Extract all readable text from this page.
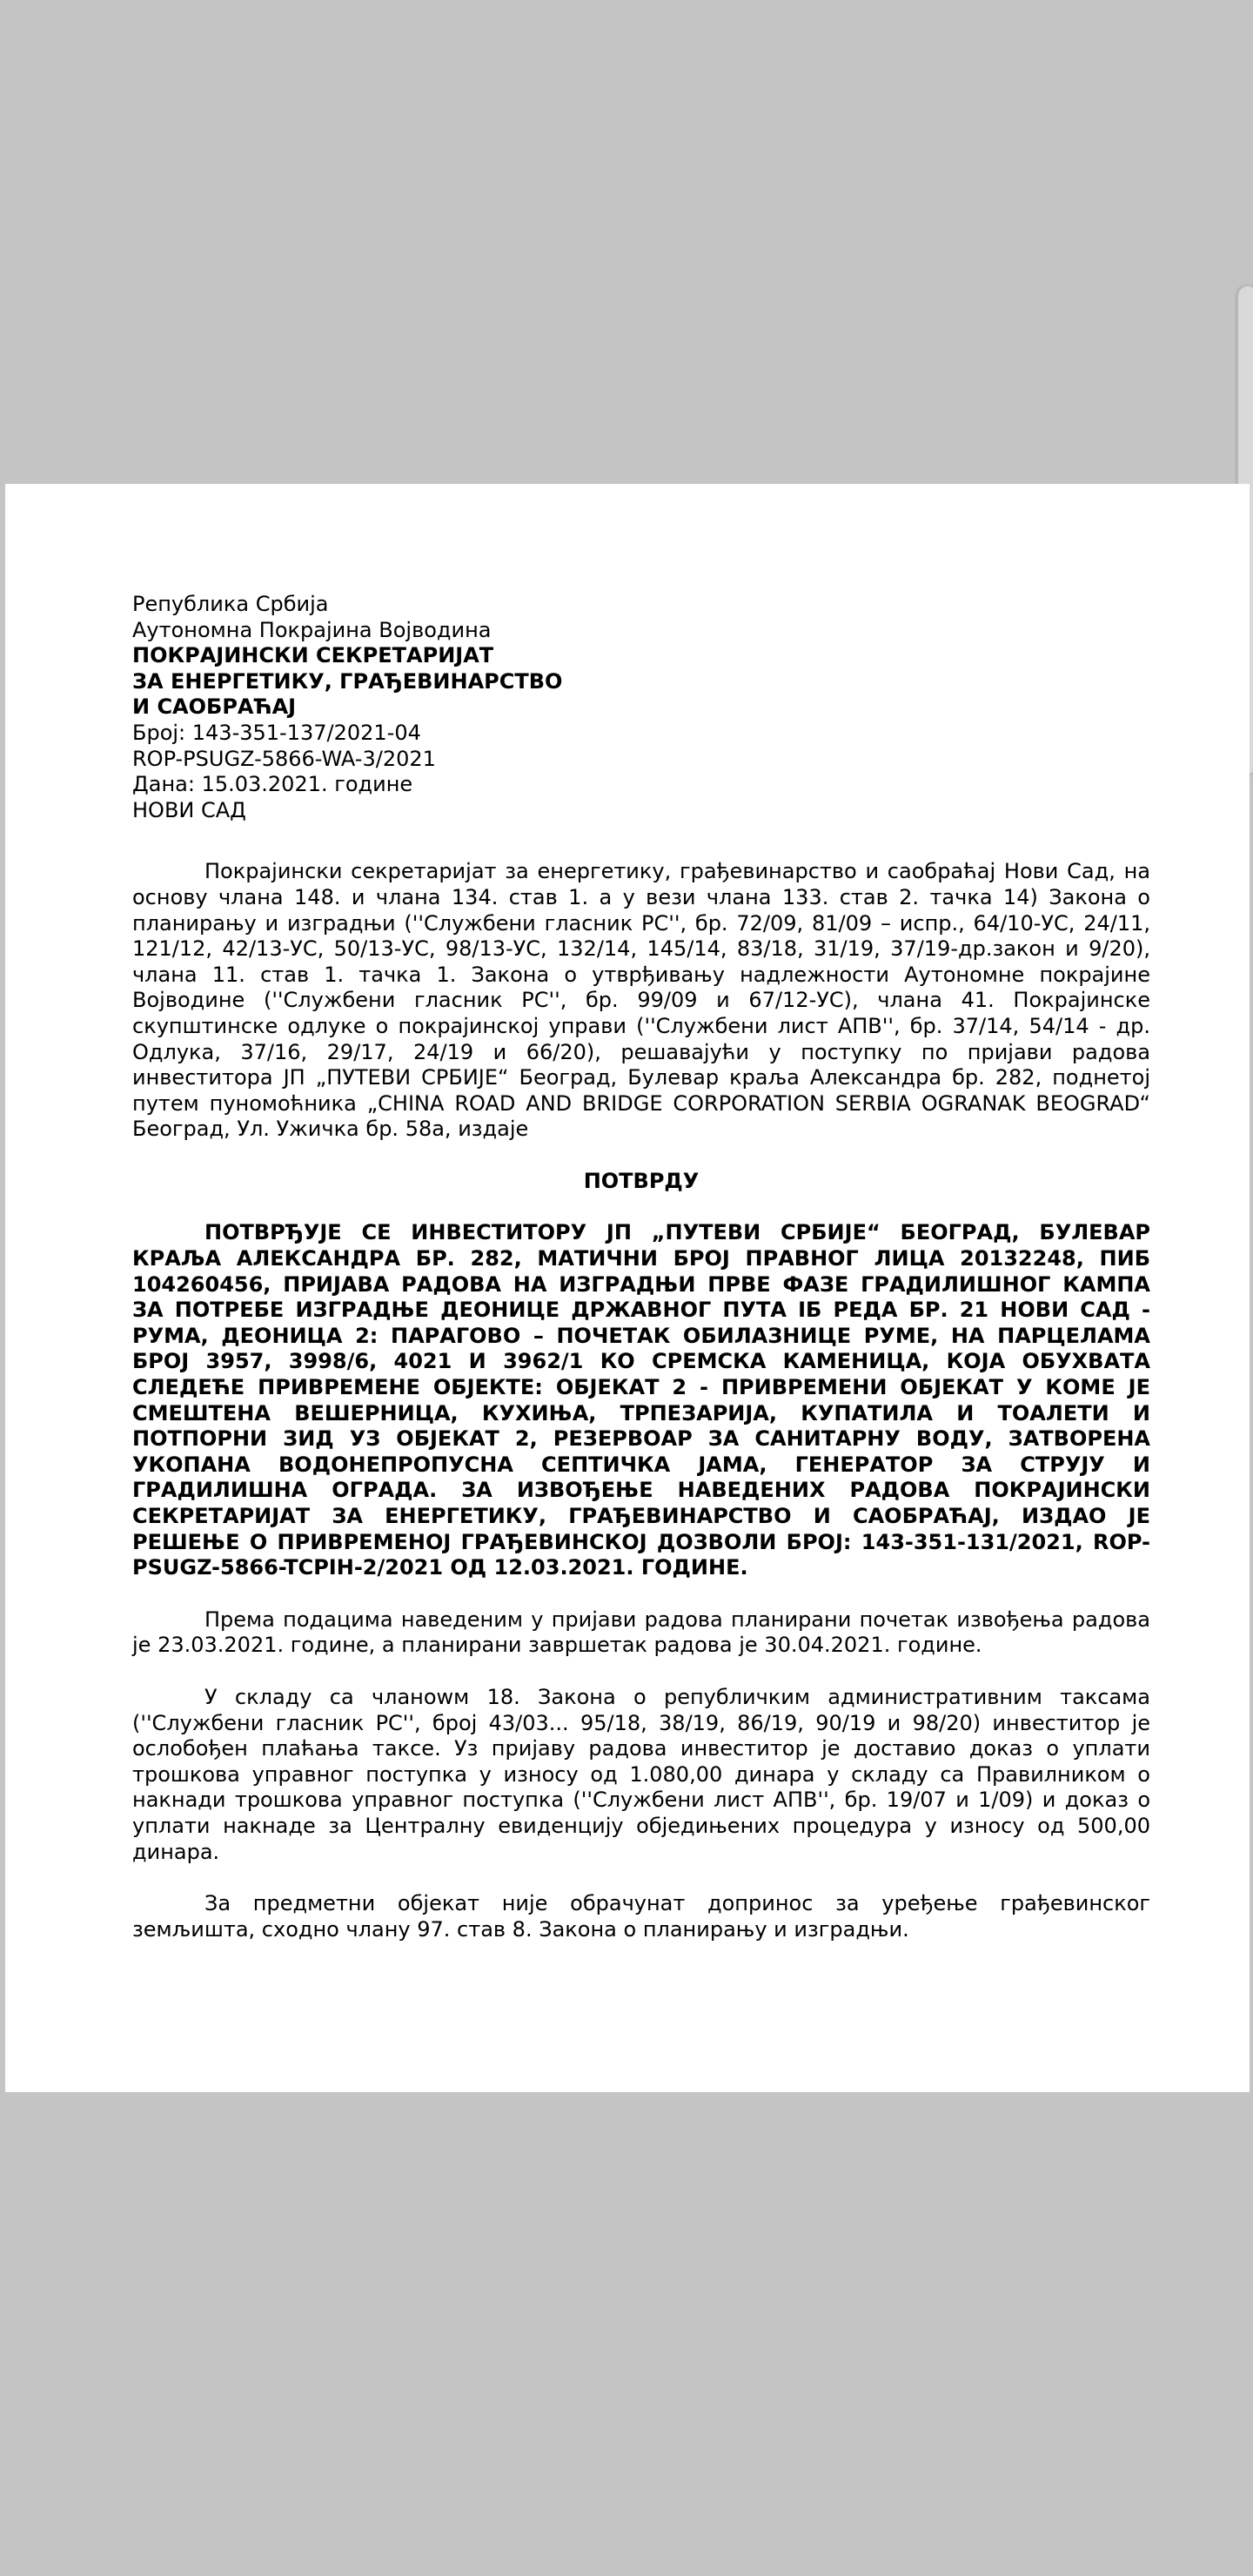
Република Србија
Аутономна Покрајина Војводина
ПОКРАЈИНСКИ СЕКРЕТАРИЈАТ
ЗА ЕНЕРГЕТИКУ, ГРАЂЕВИНАРСТВО
И САОБРАЋАЈ
Број: 143-351-137/2021-04
ROP-PSUGZ-5866-WA-3/2021
Дана: 15.03.2021. године
НОВИ САД

Покрајински секретаријат за енергетику, грађевинарство и саобраћај Нови Сад, на основу члана 148. и члана 134. став 1. а у вези члана 133. став 2. тачка 14) Закона о планирању и изградњи (''Службени гласник РС'', бр. 72/09, 81/09 – испр., 64/10-УС, 24/11, 121/12, 42/13-УС, 50/13-УС, 98/13-УС, 132/14, 145/14, 83/18, 31/19, 37/19-др.закон и 9/20), члана 11. став 1. тачка 1. Закона о утврђивању надлежности Аутономне покрајине Војводине (''Службени гласник РС'', бр. 99/09 и 67/12-УС), члана 41. Покрајинске скупштинске одлуке о покрајинској управи (''Службени лист АПВ'', бр. 37/14, 54/14 - др. Одлука, 37/16, 29/17, 24/19 и 66/20), решавајући у поступку по пријави радова инвеститора ЈП „ПУТЕВИ СРБИЈЕ“ Београд, Булевар краља Александра бр. 282, поднетој путем пуномоћника „CHINA ROAD AND BRIDGE CORPORATION SERBIA OGRANAK BEOGRAD“ Београд, Ул. Ужичка бр. 58а, издаје

ПОТВРДУ

ПОТВРЂУЈЕ СЕ ИНВЕСТИТОРУ ЈП „ПУТЕВИ СРБИЈЕ“ БЕОГРАД, БУЛЕВАР КРАЉА АЛЕКСАНДРА БР. 282, МАТИЧНИ БРОЈ ПРАВНОГ ЛИЦА 20132248, ПИБ 104260456, ПРИЈАВА РАДОВА НА ИЗГРАДЊИ ПРВЕ ФАЗЕ ГРАДИЛИШНОГ КАМПА ЗА ПОТРЕБЕ ИЗГРАДЊЕ ДЕОНИЦЕ ДРЖАВНОГ ПУТА IБ РЕДА БР. 21 НОВИ САД - РУМА, ДЕОНИЦА 2: ПАРАГОВО – ПОЧЕТАК ОБИЛАЗНИЦЕ РУМЕ, НА ПАРЦЕЛАМА БРОЈ 3957, 3998/6, 4021 И 3962/1 КО СРЕМСКА КАМЕНИЦА, КОЈА ОБУХВАТА СЛЕДЕЋЕ ПРИВРЕМЕНЕ ОБЈЕКТЕ: ОБЈЕКАТ 2 - ПРИВРЕМЕНИ ОБЈЕКАТ У КОМЕ ЈЕ СМЕШТЕНА ВЕШЕРНИЦА, КУХИЊА, ТРПЕЗАРИЈА, КУПАТИЛА И ТОАЛЕТИ И ПОТПОРНИ ЗИД УЗ ОБЈЕКАТ 2, РЕЗЕРВОАР ЗА САНИТАРНУ ВОДУ, ЗАТВОРЕНА УКОПАНА ВОДОНЕПРОПУСНА СЕПТИЧКА ЈАМА, ГЕНЕРАТОР ЗА СТРУЈУ И ГРАДИЛИШНА ОГРАДА. ЗА ИЗВОЂЕЊЕ НАВЕДЕНИХ РАДОВА ПОКРАЈИНСКИ СЕКРЕТАРИЈАТ ЗА ЕНЕРГЕТИКУ, ГРАЂЕВИНАРСТВО И САОБРАЋАЈ, ИЗДАО ЈЕ РЕШЕЊЕ О ПРИВРЕМЕНОЈ ГРАЂЕВИНСКОЈ ДОЗВОЛИ БРОЈ: 143-351-131/2021, ROP-PSUGZ-5866-TCPIH-2/2021 ОД 12.03.2021. ГОДИНЕ.

Према подацима наведеним у пријави радова планирани почетак извођења радова је 23.03.2021. године, а планирани завршетак радова је 30.04.2021. године.

У складу са чланowм 18. Закона о републичким административним таксама (''Службени гласник РС'', број 43/03... 95/18, 38/19, 86/19, 90/19 и 98/20) инвеститор је ослобођен плаћања таксе. Уз пријаву радова инвеститор је доставио доказ о уплати трошкова управног поступка у износу од 1.080,00 динара у складу са Правилником о накнади трошкова управног поступка (''Службени лист АПВ'', бр. 19/07 и 1/09) и доказ о уплати накнаде за Централну евиденцију обједињених процедура у износу од 500,00 динара.

За предметни објекат није обрачунат допринос за уређење грађевинског земљишта, сходно члану 97. став 8. Закона о планирању и изградњи.
